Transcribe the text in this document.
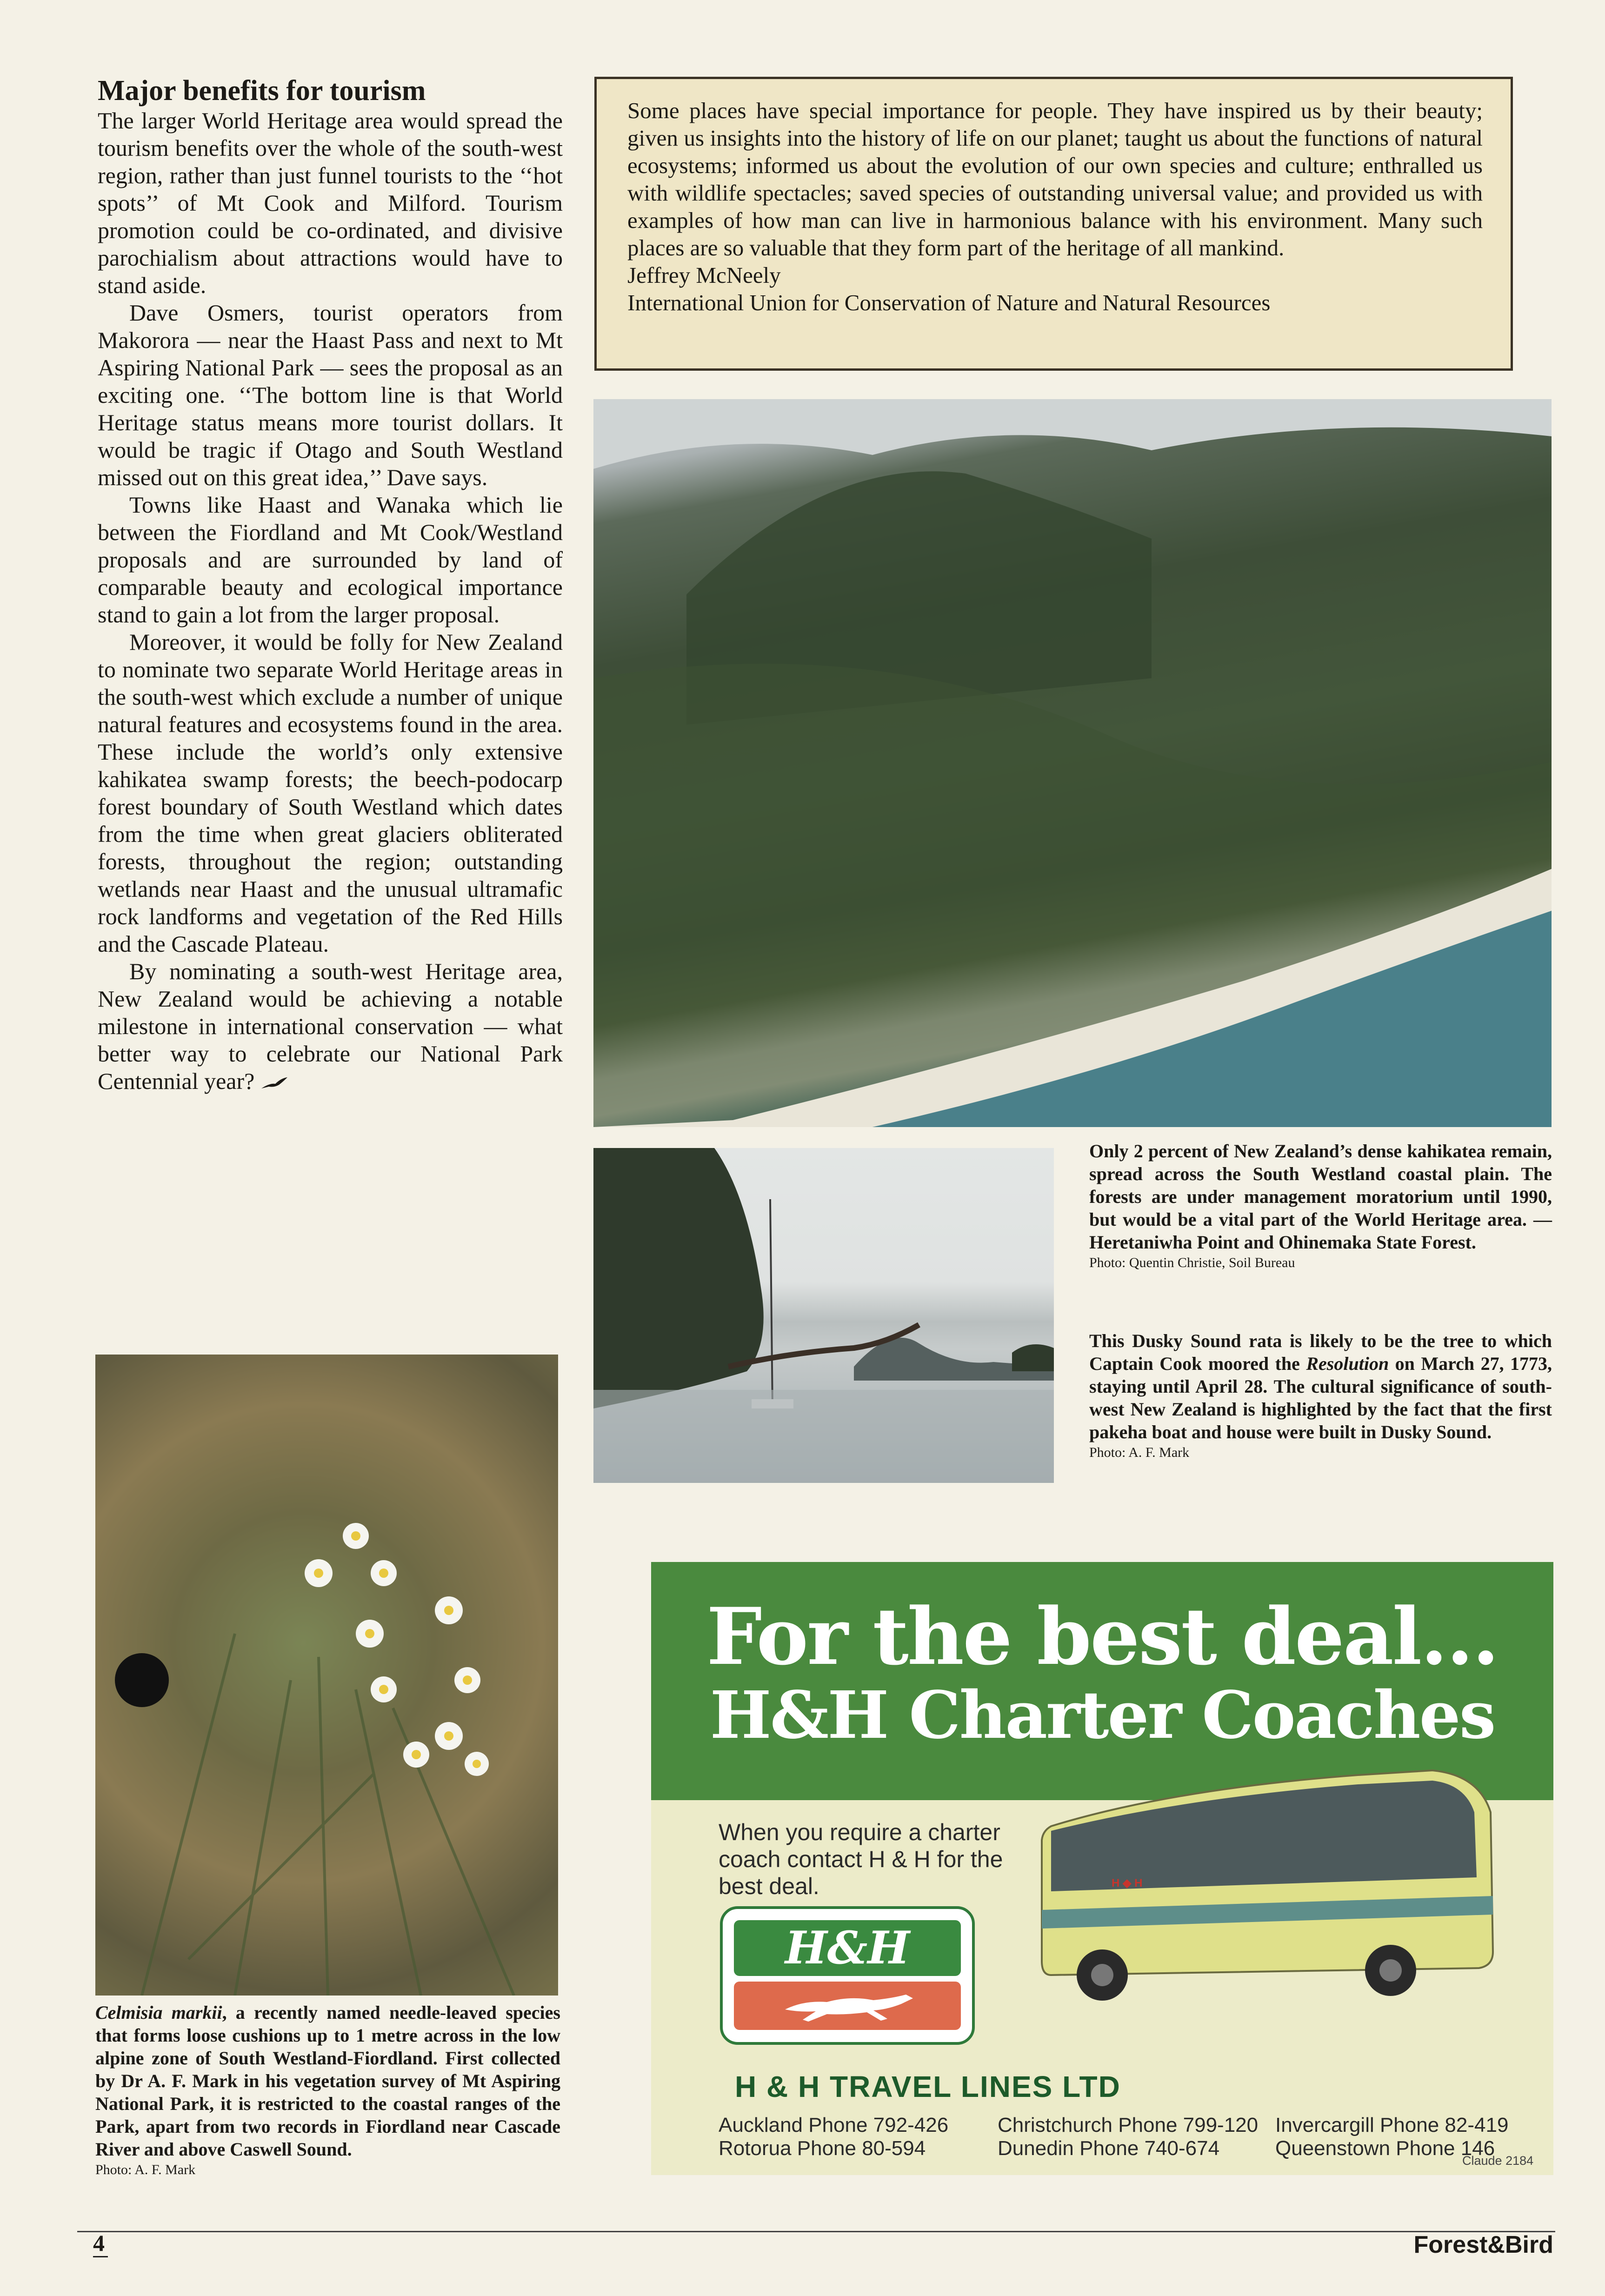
Major benefits for tourism

The larger World Heritage area would spread the tourism benefits over the whole of the south-west region, rather than just funnel tourists to the ‘‘hot spots’’ of Mt Cook and Milford. Tourism promotion could be co-ordinated, and divisive parochialism about attractions would have to stand aside.

Dave Osmers, tourist operators from Makorora — near the Haast Pass and next to Mt Aspiring National Park — sees the proposal as an exciting one. ‘‘The bottom line is that World Heritage status means more tourist dollars. It would be tragic if Otago and South Westland missed out on this great idea,’’ Dave says.

Towns like Haast and Wanaka which lie between the Fiordland and Mt Cook/Westland proposals and are surrounded by land of comparable beauty and ecological importance stand to gain a lot from the larger proposal.

Moreover, it would be folly for New Zealand to nominate two separate World Heritage areas in the south-west which exclude a number of unique natural features and ecosystems found in the area. These include the world’s only extensive kahikatea swamp forests; the beech-podocarp forest boundary of South Westland which dates from the time when great glaciers obliterated forests, throughout the region; outstanding wetlands near Haast and the unusual ultramafic rock landforms and vegetation of the Red Hills and the Cascade Plateau.

By nominating a south-west Heritage area, New Zealand would be achieving a notable milestone in international conservation — what better way to celebrate our National Park Centennial year?

Some places have special importance for people. They have inspired us by their beauty; given us insights into the history of life on our planet; taught us about the functions of natural ecosystems; informed us about the evolution of our own species and culture; enthralled us with wildlife spectacles; saved species of outstanding universal value; and provided us with examples of how man can live in harmonious balance with his environment. Many such places are so valuable that they form part of the heritage of all mankind.

Jeffrey McNeely

International Union for Conservation of Nature and Natural Resources

Only 2 percent of New Zealand’s dense kahikatea remain, spread across the South Westland coastal plain. The forests are under management moratorium until 1990, but would be a vital part of the World Heritage area. — Heretaniwha Point and Ohinemaka State Forest.

Photo: Quentin Christie, Soil Bureau

This Dusky Sound rata is likely to be the tree to which Captain Cook moored the Resolution on March 27, 1773, staying until April 28. The cultural significance of south-west New Zealand is highlighted by the fact that the first pakeha boat and house were built in Dusky Sound.

Photo: A. F. Mark

Celmisia markii, a recently named needle-leaved species that forms loose cushions up to 1 metre across in the low alpine zone of South Westland-Fiordland. First collected by Dr A. F. Mark in his vegetation survey of Mt Aspiring National Park, it is restricted to the coastal ranges of the Park, apart from two records in Fiordland near Cascade River and above Caswell Sound.

Photo: A. F. Mark

For the best deal...
H&H Charter Coaches
When you require a charter coach contact H & H for the best deal.
H&H
H ◆ H
H & H TRAVEL LINES LTD
Auckland Phone 792-426 Christchurch Phone 799-120 Invercargill Phone 82-419
Rotorua Phone 80-594	Dunedin Phone 740-674	Queenstown Phone 146
Claude 2184
4	Forest&Bird
